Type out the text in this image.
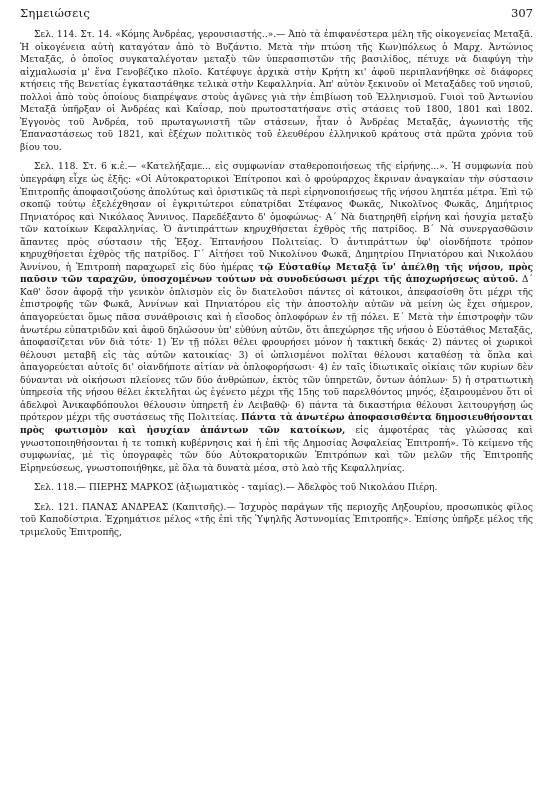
Σημειώσεις	307

Σελ. 114. Στ. 14. «Κόμης Ἀνδρέας, γερουσιαστής..».— Ἀπὸ τὰ ἐπιφανέστερα μέλη τῆς οἰκογενείας Μεταξᾶ. Ἡ οἰκογένεια αὐτὴ καταγόταν ἀπὸ τὸ Βυζάντιο. Μετὰ τὴν πτώση τῆς Κων)πόλεως ὁ Μαρχ. Ἀντώνιος Μεταξᾶς, ὁ ὁποῖος συγκαταλέγοταν μεταξὺ τῶν ὑπερασπιστῶν τῆς βασιλίδος, πέτυχε νὰ διαφύγη τὴν αἰχμαλωσία μ' ἕνα Γενοβέζικο πλοῖο. Κατέφυγε ἀρχικὰ στὴν Κρήτη κι' ἀφοῦ περιπλανήθηκε σὲ διάφορες κτήσεις τῆς Βενετίας ἐγκαταστάθηκε τελικὰ στὴν Κεφαλληνία. Ἀπ' αὐτὸν ξεκινοῦν οἱ Μεταξάδες τοῦ νησιοῦ, πολλοὶ ἀπὸ τοὺς ὁποίους διαπρέψανε στοὺς ἀγῶνες γιὰ τὴν ἐπιβίωση τοῦ Ἑλληνισμοῦ. Γυιοὶ τοῦ Ἀντωνίου Μεταξᾶ ὑπῆρξαν οἱ Ἀνδρέας καὶ Καΐσαρ, ποὺ πρωτοστατήσανε στὶς στάσεις τοῦ 1800, 1801 καὶ 1802. Ἐγγονὸς τοῦ Ἀνδρέα, τοῦ πρωταγωνιστῆ τῶν στάσεων, ἦταν ὁ Ἀνδρέας Μεταξᾶς, ἀγωνιστὴς τῆς Ἐπαναστάσεως τοῦ 1821, καὶ ἐξέχων πολιτικὸς τοῦ ἐλευθέρου ἑλληνικοῦ κράτους στὰ πρῶτα χρόνια τοῦ βίου του.

Σελ. 118. Στ. 6 κ.ἑ.— «Κατελήξαμε... εἰς συμφωνίαν σταθεροποιήσεως τῆς εἰρήνης...». Ἡ συμφωνία ποὺ ὑπεγράφη εἶχε ὡς ἑξῆς: «Οἱ Αὐτοκρατορικοὶ Ἐπίτροποι καὶ ὁ φρούραρχος ἔκριναν ἀναγκαίαν τὴν σύστασιν Ἐπιτροπῆς ἀποφασιζούσης ἀπολύτως καὶ ὁριστικῶς τὰ περὶ εἰρηνοποιήσεως τῆς νήσου ληπτέα μέτρα. Ἐπὶ τῷ σκοπῷ τούτῳ ἐξελέχθησαν οἱ ἐγκριτώτεροι εὐπατρίδαι Στέφανος Φωκᾶς, Νικολῖνος Φωκᾶς, Δημήτριος Πηνιατόρος καὶ Νικόλαος Ἄννινος. Παρεδέξαντο δ' ὁμοφώνως· Α΄ Νὰ διατηρηθῆ εἰρήνη καὶ ἡσυχία μεταξὺ τῶν κατοίκων Κεφαλληνίας. Ὁ ἀντιπράττων κηρυχθήσεται ἐχθρὸς τῆς πατρίδος. Β΄ Νὰ συνεργασθῶσιν ἅπαντες πρὸς σύστασιν τῆς Ἐξοχ. Ἑπτανήσου Πολιτείας. Ὁ ἀντιπράττων ὑφ' οἱονδήποτε τρόπον κηρυχθήσεται ἐχθρὸς τῆς πατρίδος. Γ΄ Αἰτήσει τοῦ Νικολίνου Φωκᾶ, Δημητρίου Πηνιατόρου καὶ Νικολάου Ἀννίνου, ἡ Ἐπιτροπὴ παραχωρεῖ εἰς δύο ἡμέρας τῷ Εὐσταθίῳ Μεταξᾷ ἵν' ἀπέλθῃ τῆς νήσου, πρὸς παῦσιν τῶν ταραχῶν, ὑποσχομένων τούτων νὰ συνοδεύσωσι μέχρι τῆς ἀποχωρήσεως αὐτοῦ. Δ΄ Καθ' ὅσον ἀφορᾷ τὴν γενικὸν ὁπλισμὸν εἰς ὃν διατελοῦσι πάντες οἱ κάτοικοι, ἀπεφασίσθη ὅτι μέχρι τῆς ἐπιστροφῆς τῶν Φωκᾶ, Ἀννίνων καὶ Πηνιατόρου εἰς τὴν ἀποστολὴν αὐτῶν νὰ μείνη ὡς ἔχει σήμερον, ἀπαγορεύεται ὅμως πᾶσα συνάθροισις καὶ ἡ εἴσοδος ὁπλοφόρων ἐν τῇ πόλει. Ε΄ Μετὰ τὴν ἐπιστροφὴν τῶν ἀνωτέρω εὐπατριδῶν καὶ ἀφοῦ δηλώσουν ὑπ' εὐθύνη αὐτῶν, ὅτι ἀπεχώρησε τῆς νήσου ὁ Εὐστάθιος Μεταξᾶς, ἀποφασίζεται νῦν διὰ τότε· 1) Ἐν τῇ πόλει θέλει φρουρήσει μόνον ἡ τακτικὴ δεκάς· 2) πάντες οἱ χωρικοὶ θέλουσι μεταβῆ εἰς τὰς αὐτῶν κατοικίας· 3) οἱ ὡπλισμένοι πολῖται θέλουσι καταθέσῃ τὰ ὅπλα καὶ ἀπαγορεύεται αὐτοῖς δι' οἱανδήποτε αἰτίαν νὰ ὁπλοφορήσωσι· 4) ἐν ταῖς ἰδιωτικαῖς οἰκίαις τῶν κυρίων δὲν δύνανται νὰ οἰκήσωσι πλείονες τῶν δύο ἀνθρώπων, ἐκτὸς τῶν ὑπηρετῶν, ὄντων ἀόπλων· 5) ἡ στρατιωτικὴ ὑπηρεσία τῆς νήσου θέλει ἐκτελῆται ὡς ἐγένετο μέχρι τῆς 15ης τοῦ παρελθόντος μηνός, ἐξαιρουμένου ὅτι οἱ ἀδελφοὶ Ἀνικαφδόπουλοι θέλουσιν ὑπηρετῆ ἐν Λειβαθῷ· 6) πάντα τὰ δικαστήρια θέλουσι λειτουργήσῃ ὡς πρότερον μέχρι τῆς συστάσεως τῆς Πολιτείας. Πάντα τὰ ἀνωτέρω ἀποφασισθέντα δημοσιευθήσονται πρὸς φωτισμὸν καὶ ἡσυχίαν ἁπάντων τῶν κατοίκων, εἰς ἀμφοτέρας τὰς γλώσσας καὶ γνωστοποιηθήσονται ἡ τε τοπικὴ κυβέρνησις καὶ ἡ ἐπὶ τῆς Δημοσίας Ἀσφαλείας Ἐπιτροπή». Τὸ κείμενο τῆς συμφωνίας, μὲ τὶς ὑπογραφὲς τῶν δύο Αὐτοκρατορικῶν Ἐπιτρόπων καὶ τῶν μελῶν τῆς Ἐπιτροπῆς Εἰρηνεύσεως, γνωστοποιήθηκε, μὲ ὅλα τὰ δυνατὰ μέσα, στὸ λαὸ τῆς Κεφαλληνίας.

Σελ. 118.— ΠΙΕΡΗΣ ΜΑΡΚΟΣ (ἀξιωματικὸς - ταμίας).— Ἀδελφὸς τοῦ Νικολάου Πιέρη.

Σελ. 121. ΠΑΝΑΣ ΑΝΔΡΕΑΣ (Καπιτσῆς).— Ἰσχυρὸς παράγων τῆς περιοχῆς Ληξουρίου, προσωπικὸς φίλος τοῦ Καποδίστρια. Ἐχρημάτισε μέλος «τῆς ἐπὶ τῆς Ὑψηλῆς Ἀστυνομίας Ἐπιτροπῆς». Ἐπίσης ὑπῆρξε μέλος τῆς τριμελοῦς Ἐπιτροπῆς,
